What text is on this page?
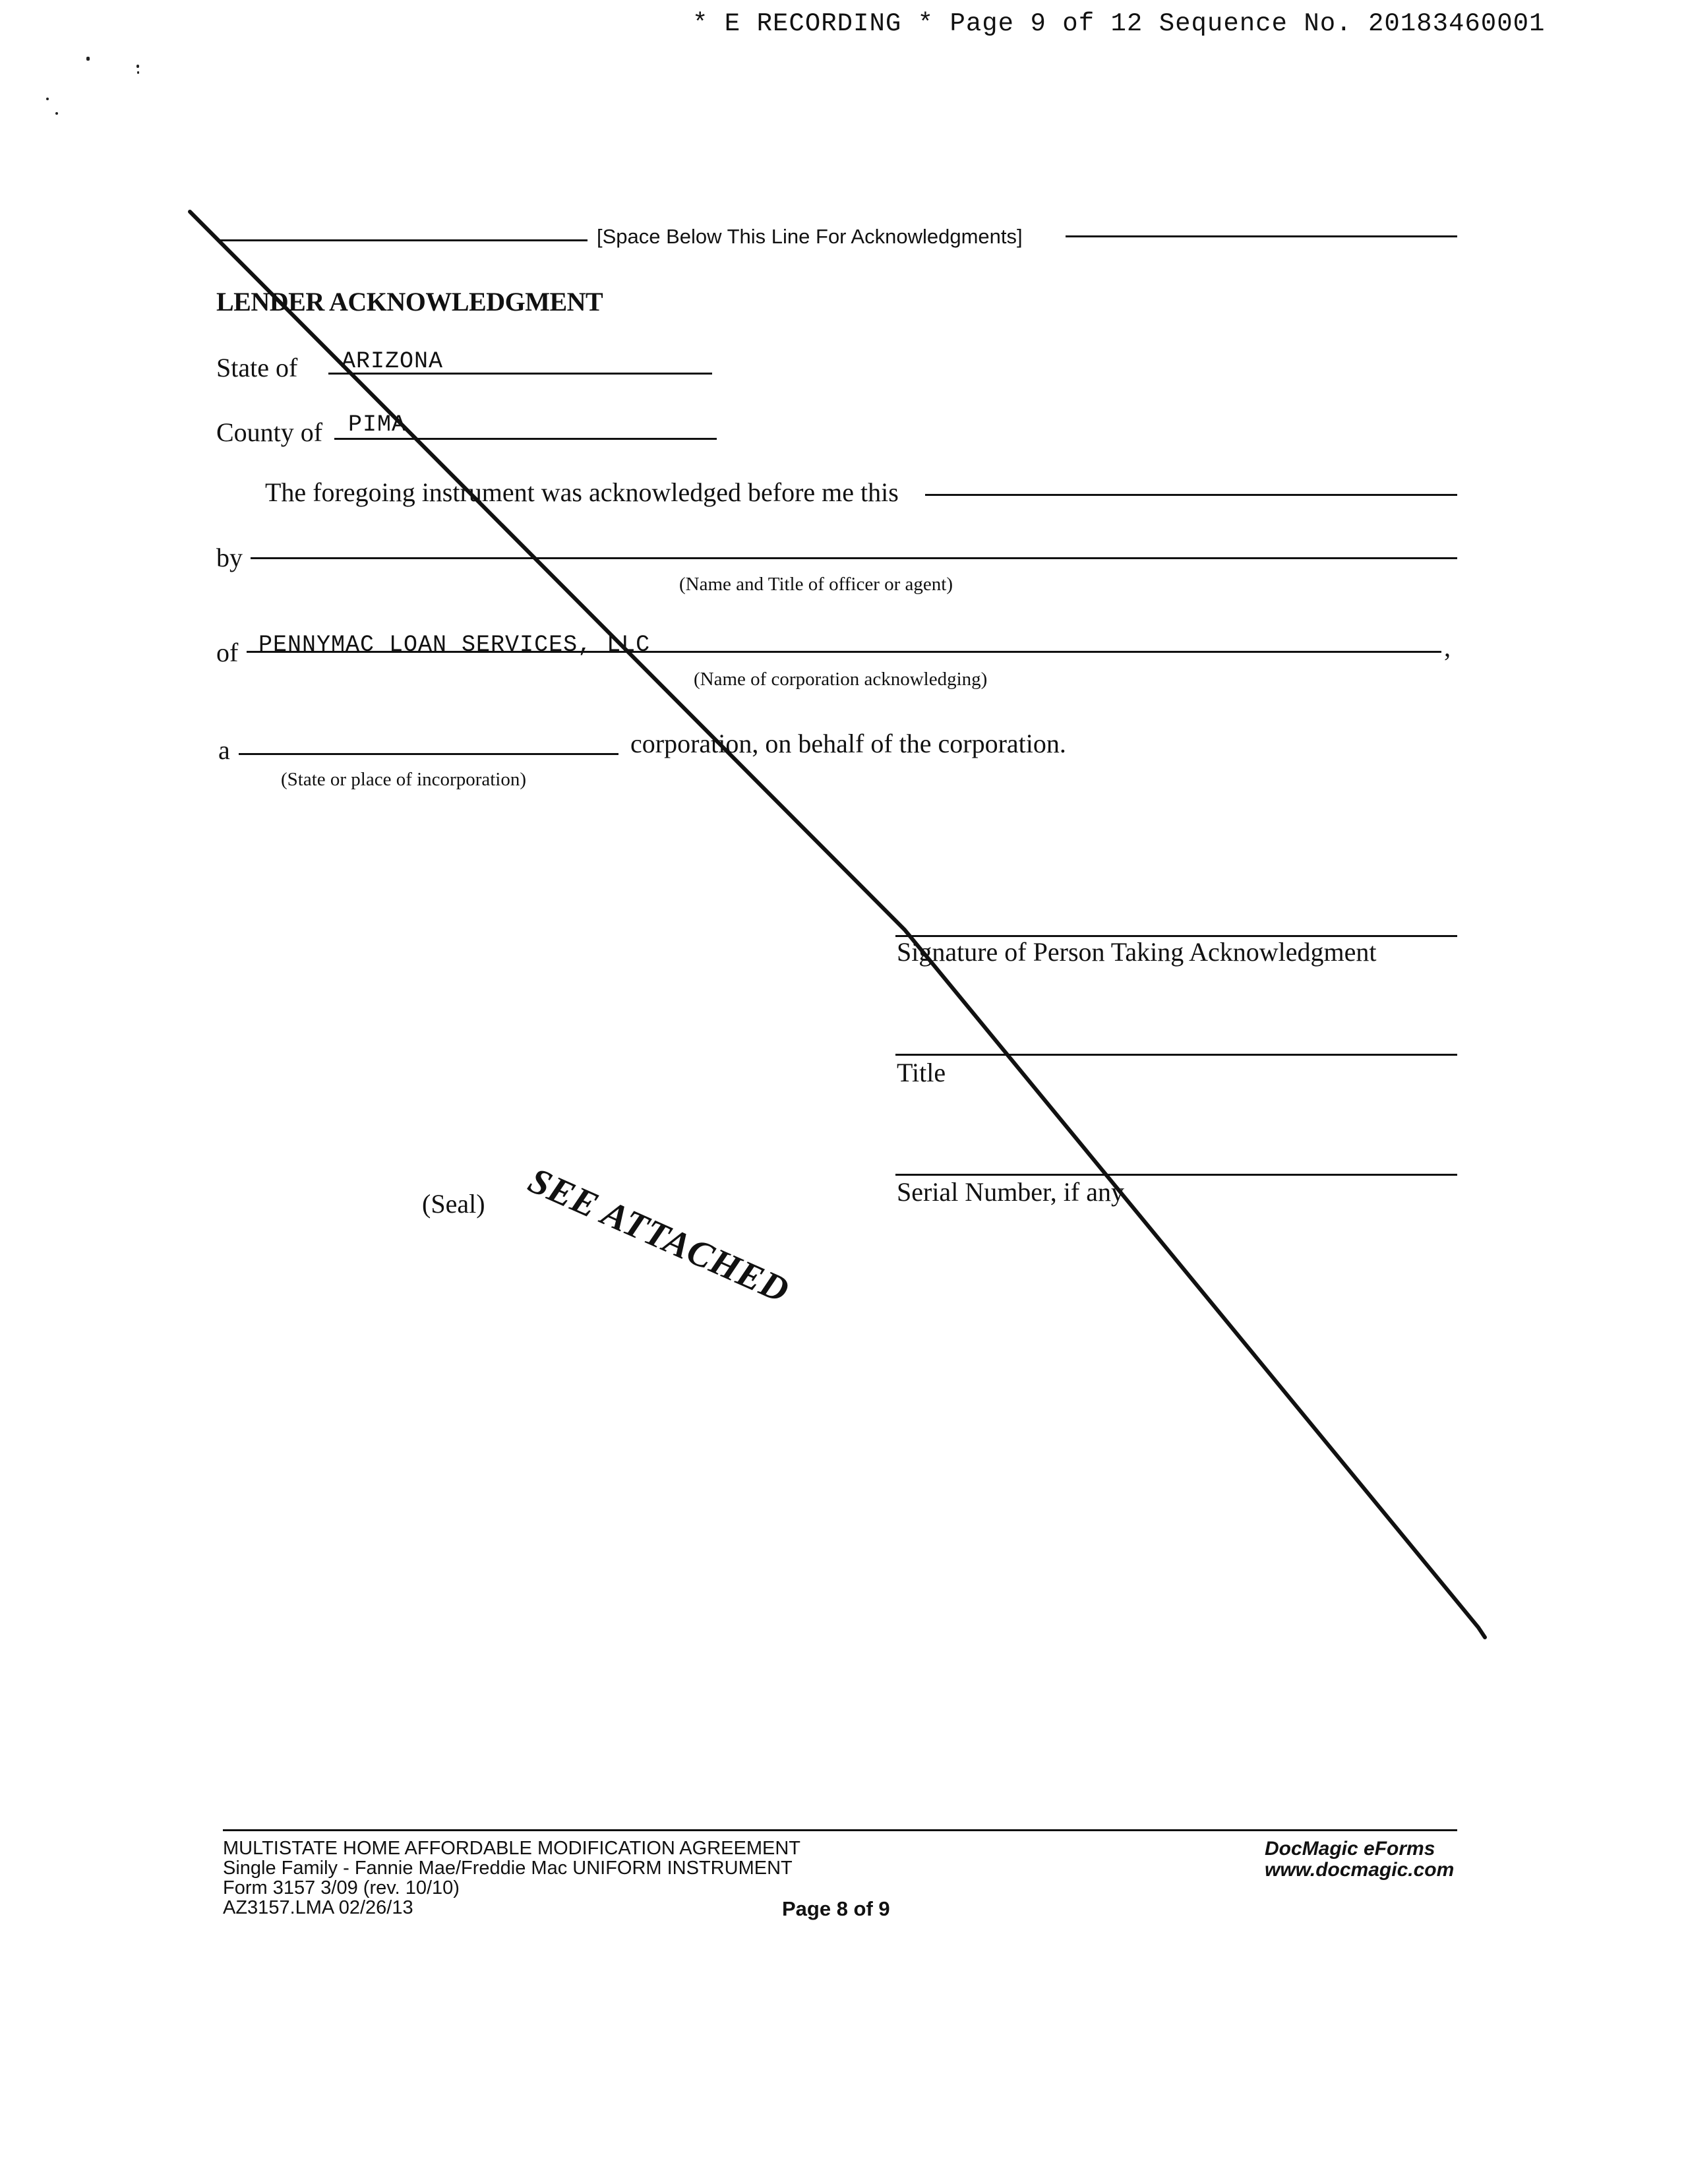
* E RECORDING * Page 9 of 12 Sequence No. 20183460001
[Space Below This Line For Acknowledgments]
LENDER ACKNOWLEDGMENT
State of ARIZONA
County of PIMA
The foregoing instrument was acknowledged before me this
by
(Name and Title of officer or agent)
of PENNYMAC LOAN SERVICES, LLC	,
(Name of corporation acknowledging)
a	corporation, on behalf of the corporation.
(State or place of incorporation)
Signature of Person Taking Acknowledgment
Title
Serial Number, if any
(Seal) SEE ATTACHED
MULTISTATE HOME AFFORDABLE MODIFICATION AGREEMENT
Single Family - Fannie Mae/Freddie Mac UNIFORM INSTRUMENT
Form 3157 3/09 (rev. 10/10)
AZ3157.LMA 02/26/13	Page 8 of 9
DocMagic eForms
www.docmagic.com
